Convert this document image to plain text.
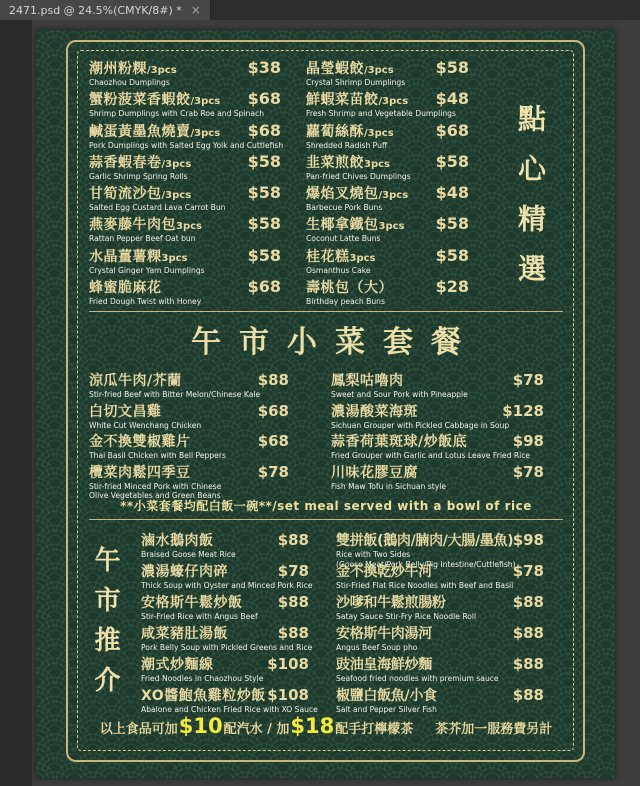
2471.psd @ 24.5%(CMYK/8#) * ×
潮州粉粿/3pcs	$38
Chaozhou Dumplings
蟹粉菠菜香蝦餃/3pcs	$68
Shrimp Dumplings with Crab Roe and Spinach
鹹蛋黃墨魚燒賣/3pcs	$68
Pork Dumplings with Salted Egg Yolk and Cuttlefish
蒜香蝦春卷/3pcs	$58
Garlic Shrimp Spring Rolls
甘筍流沙包/3pcs	$58
Salted Egg Custard Lava Carrot Bun
燕麥藤牛肉包3pcs	$58
Rattan Pepper Beef Oat bun
水晶薑薯粿3pcs	$58
Crystal Ginger Yam Dumplings
蜂蜜脆麻花	$68
Fried Dough Twist with Honey
晶瑩蝦餃/3pcs	$58
Crystal Shrimp Dumplings
鮮蝦菜苗餃/3pcs	$48
Fresh Shrimp and Vegetable Dumplings
蘿蔔絲酥/3pcs	$68
Shredded Radish Puff
韭菜煎餃3pcs	$58
Pan-fried Chives Dumplings
爆焰叉燒包/3pcs	$48
Barbecue Pork Buns
生椰拿鐵包3pcs	$58
Coconut Latte Buns
桂花糕3pcs	$58
Osmanthus Cake
壽桃包（大）	$28
Birthday peach Buns	點心精選
午市小菜套餐
涼瓜牛肉/芥蘭	$88
Stir-fried Beef with Bitter Melon/Chinese Kale
白切文昌雞	$68
White Cut Wenchang Chicken
金不換雙椒雞片	$68
Thai Basil Chicken with Bell Peppers
欖菜肉鬆四季豆	$78
Stir-fried Minced Pork with Chinese
Olive Vegetables and Green Beans
鳳梨咕嚕肉	$78
Sweet and Sour Pork with Pineapple
濃湯酸菜海斑	$128
Sichuan Grouper with Pickled Cabbage in Soup
蒜香荷葉斑球/炒飯底	$98
Fried Grouper with Garlic and Lotus Leave Fried Rice
川味花膠豆腐	$78
Fish Maw Tofu in Sichuan style
**小菜套餐均配白飯一碗**/set meal served with a bowl of rice
午市推介
滷水鵝肉飯	$88
Braised Goose Meat Rice
濃湯蠔仔肉碎	$78
Thick Soup with Oyster and Minced Pork Rice
安格斯牛鬆炒飯	$88
Stir-Fried Rice with Angus Beef
咸菜豬肚湯飯	$88
Pork Belly Soup with Pickled Greens and Rice
潮式炒麵線	$108
Fried Noodles in Chaozhou Style
XO醬鮑魚雞粒炒飯 $108
Abalone and Chicken Fried Rice with XO Sauce
雙拼飯(鵝肉/腩肉/大腸/墨魚) $98
Rice with Two Sides
(Goose Meat/Pork Belly/Pig Intestine/Cuttlefish)
金不換乾炒牛河	$78
Stir-Fried Flat Rice Noodles with Beef and Basil
沙嗲和牛鬆煎腸粉	$88
Satay Sauce Stir-Fry Rice Noodle Roll
安格斯牛肉湯河	$88
Angus Beef Soup pho
豉油皇海鮮炒麵	$88
Seafood fried noodles with premium sauce
椒鹽白飯魚/小食	$88
Salt and Pepper Silver Fish
以上食品可加 $10 配汽水 / 加 $18 配手打檸檬茶 茶芥加一服務費另計
